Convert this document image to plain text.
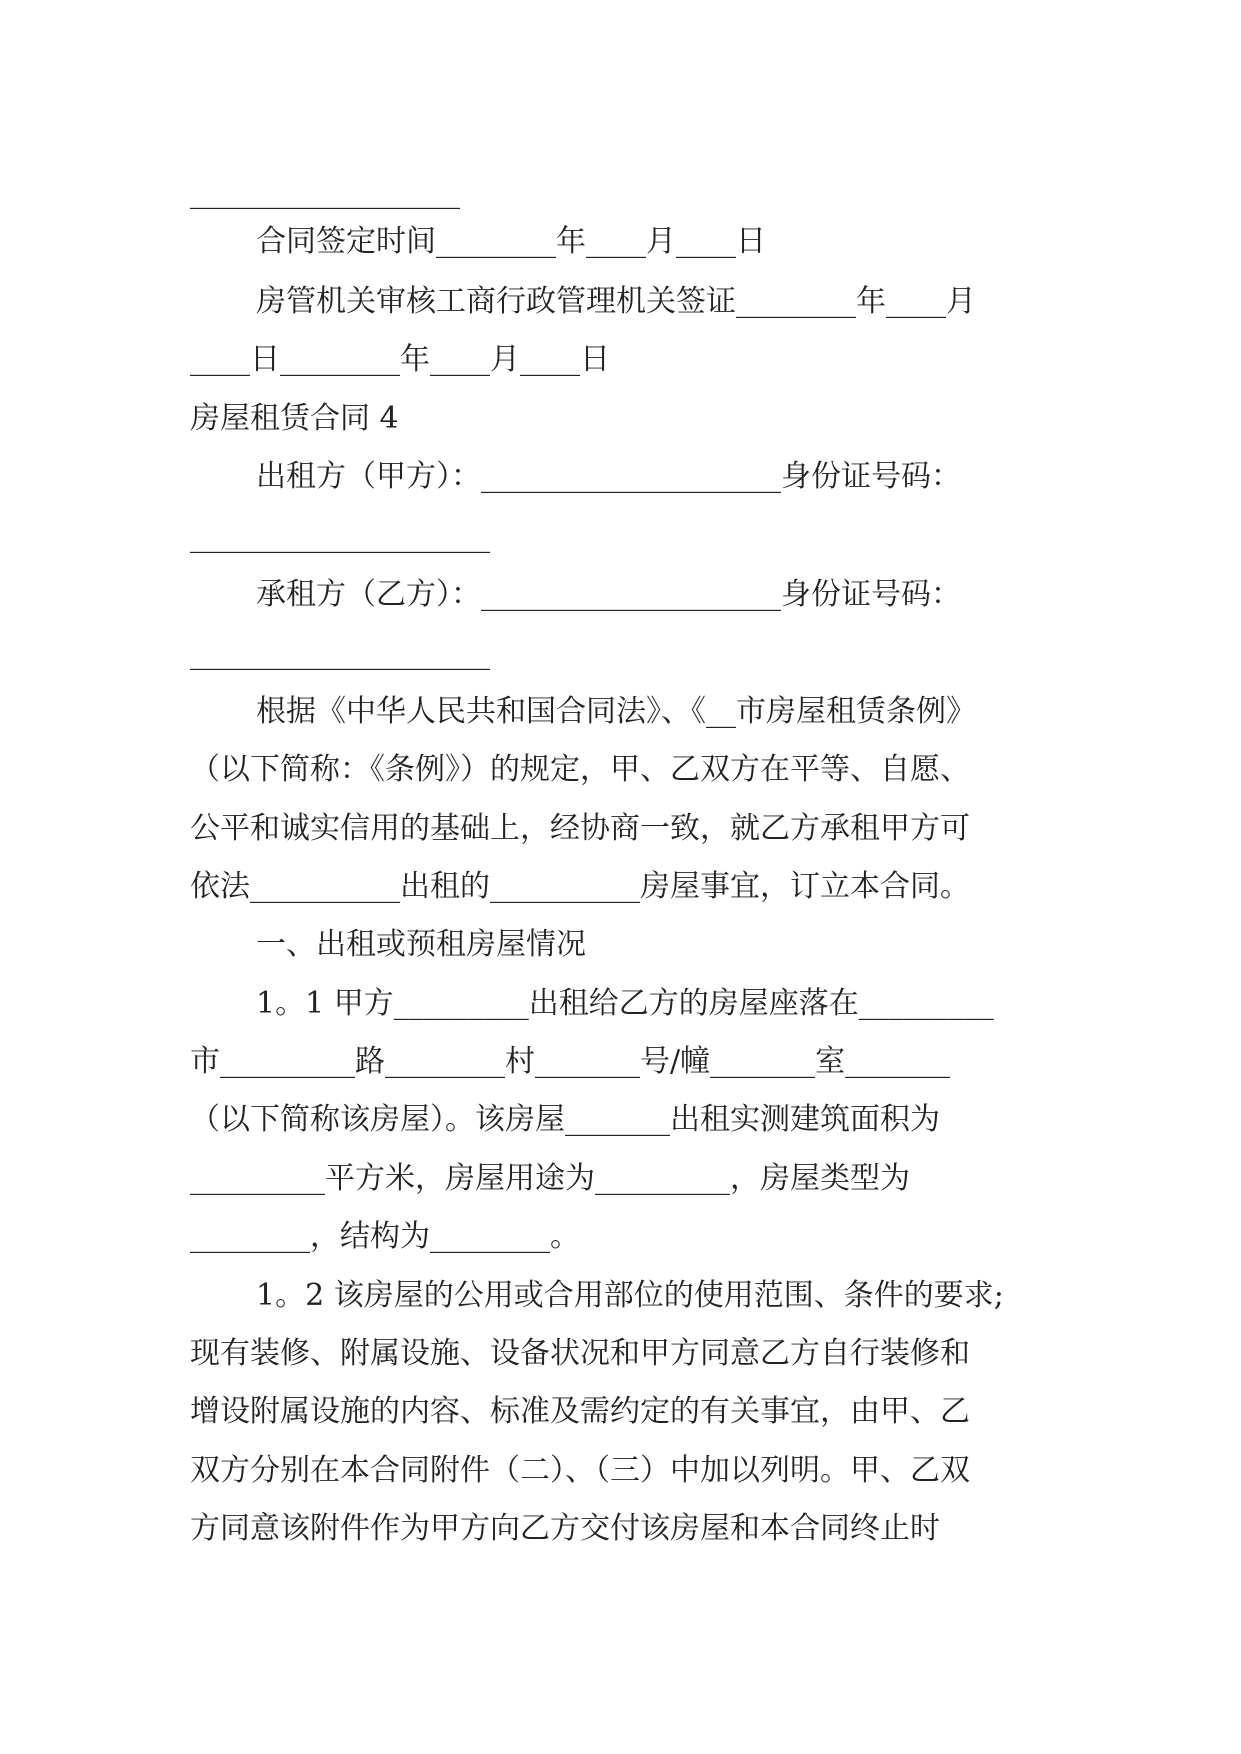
__________________
合同签定时间________年____月____日
房管机关审核工商行政管理机关签证________年____月
____日________年____月____日
房屋租赁合同 4
出租方（甲方）：____________________身份证号码：
____________________
承租方（乙方）：____________________身份证号码：
____________________
根据《中华人民共和国合同法》、《__市房屋租赁条例》
（以下简称：《条例》）的规定，甲、乙双方在平等、自愿、
公平和诚实信用的基础上，经协商一致，就乙方承租甲方可
依法__________出租的__________房屋事宜，订立本合同。
一、出租或预租房屋情况
1。1 甲方_________出租给乙方的房屋座落在_________
市_________路________村_______号/幢_______室_______
（以下简称该房屋）。该房屋_______出租实测建筑面积为
_________平方米，房屋用途为_________，房屋类型为
________，结构为________。
1。2 该房屋的公用或合用部位的使用范围、条件的要求;
现有装修、附属设施、设备状况和甲方同意乙方自行装修和
增设附属设施的内容、标准及需约定的有关事宜，由甲、乙
双方分别在本合同附件（二）、（三）中加以列明。甲、乙双
方同意该附件作为甲方向乙方交付该房屋和本合同终止时
